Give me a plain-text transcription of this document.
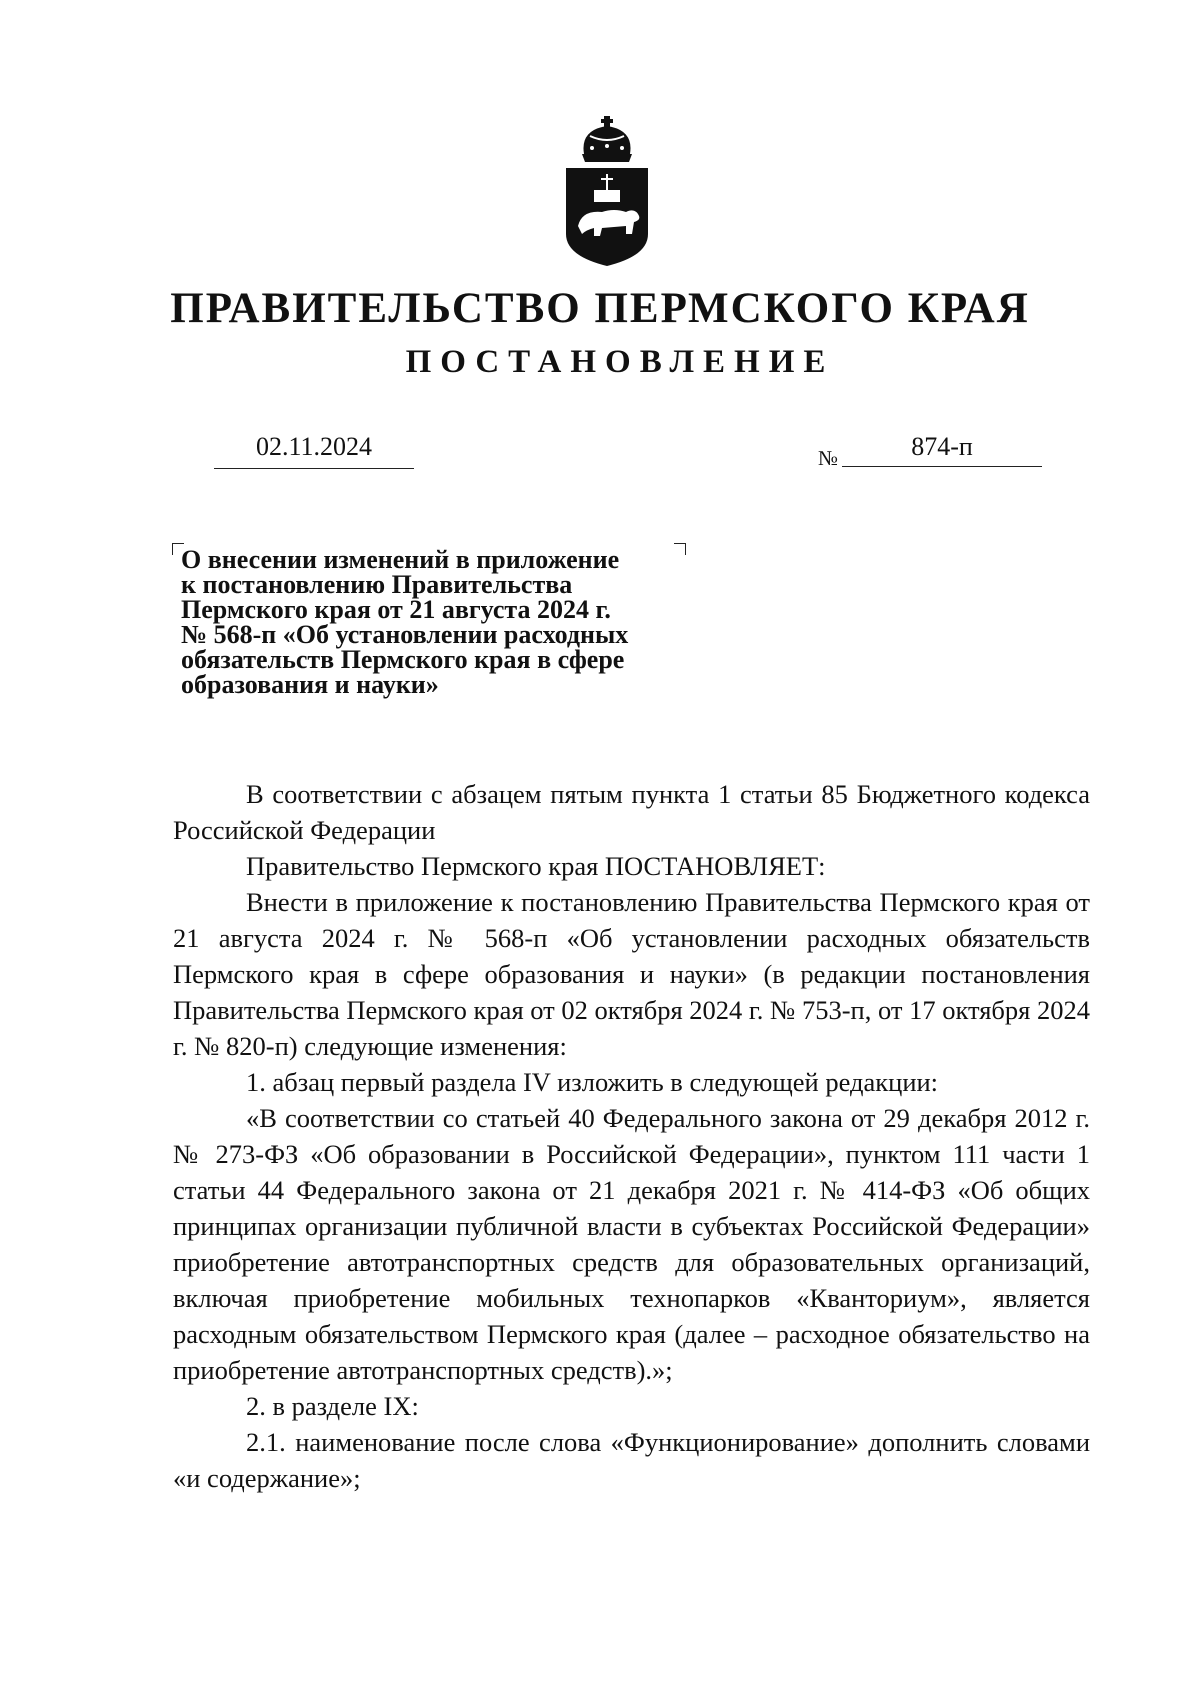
ПРАВИТЕЛЬСТВО ПЕРМСКОГО КРАЯ
ПОСТАНОВЛЕНИЕ
02.11.2024	№	874-п
О внесении изменений в приложение
к постановлению Правительства
Пермского края от 21 августа 2024 г.
№ 568-п «Об установлении расходных
обязательств Пермского края в сфере
образования и науки»

В соответствии с абзацем пятым пункта 1 статьи 85 Бюджетного кодекса Российской Федерации

Правительство Пермского края ПОСТАНОВЛЯЕТ:

Внести в приложение к постановлению Правительства Пермского края от 21 августа 2024 г. № 568-п «Об установлении расходных обязательств Пермского края в сфере образования и науки» (в редакции постановления Правительства Пермского края от 02 октября 2024 г. № 753-п, от 17 октября 2024 г. № 820-п) следующие изменения:

1. абзац первый раздела IV изложить в следующей редакции:

«В соответствии со статьей 40 Федерального закона от 29 декабря 2012 г. № 273-ФЗ «Об образовании в Российской Федерации», пунктом 111 части 1 статьи 44 Федерального закона от 21 декабря 2021 г. № 414-ФЗ «Об общих принципах организации публичной власти в субъектах Российской Федерации» приобретение автотранспортных средств для образовательных организаций, включая приобретение мобильных технопарков «Кванториум», является расходным обязательством Пермского края (далее – расходное обязательство на приобретение автотранспортных средств).»;

2. в разделе IX:

2.1. наименование после слова «Функционирование» дополнить словами «и содержание»;
